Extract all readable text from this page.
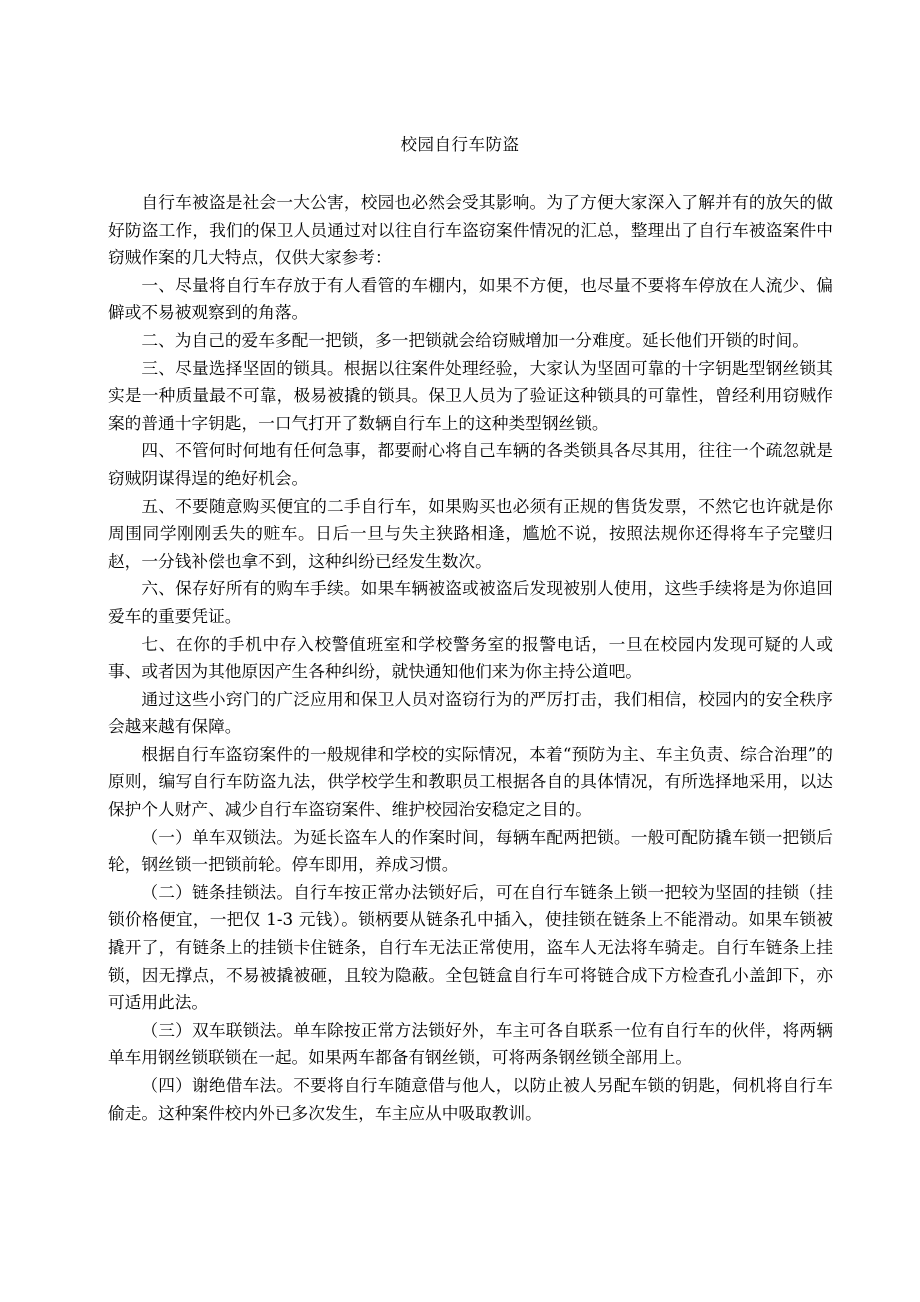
校园自行车防盗

自行车被盗是社会一大公害，校园也必然会受其影响。为了方便大家深入了解并有的放矢的做好防盗工作，我们的保卫人员通过对以往自行车盗窃案件情况的汇总，整理出了自行车被盗案件中窃贼作案的几大特点，仅供大家参考：

一、尽量将自行车存放于有人看管的车棚内，如果不方便，也尽量不要将车停放在人流少、偏僻或不易被观察到的角落。

二、为自己的爱车多配一把锁，多一把锁就会给窃贼增加一分难度。延长他们开锁的时间。

三、尽量选择坚固的锁具。根据以往案件处理经验，大家认为坚固可靠的十字钥匙型钢丝锁其实是一种质量最不可靠，极易被撬的锁具。保卫人员为了验证这种锁具的可靠性，曾经利用窃贼作案的普通十字钥匙，一口气打开了数辆自行车上的这种类型钢丝锁。

四、不管何时何地有任何急事，都要耐心将自己车辆的各类锁具各尽其用，往往一个疏忽就是窃贼阴谋得逞的绝好机会。

五、不要随意购买便宜的二手自行车，如果购买也必须有正规的售货发票，不然它也许就是你周围同学刚刚丢失的赃车。日后一旦与失主狭路相逢，尴尬不说，按照法规你还得将车子完璧归赵，一分钱补偿也拿不到，这种纠纷已经发生数次。

六、保存好所有的购车手续。如果车辆被盗或被盗后发现被别人使用，这些手续将是为你追回爱车的重要凭证。

七、在你的手机中存入校警值班室和学校警务室的报警电话，一旦在校园内发现可疑的人或事、或者因为其他原因产生各种纠纷，就快通知他们来为你主持公道吧。

通过这些小窍门的广泛应用和保卫人员对盗窃行为的严厉打击，我们相信，校园内的安全秩序会越来越有保障。

根据自行车盗窃案件的一般规律和学校的实际情况，本着“预防为主、车主负责、综合治理”的原则，编写自行车防盗九法，供学校学生和教职员工根据各自的具体情况，有所选择地采用，以达保护个人财产、减少自行车盗窃案件、维护校园治安稳定之目的。

（一）单车双锁法。为延长盗车人的作案时间，每辆车配两把锁。一般可配防撬车锁一把锁后轮，钢丝锁一把锁前轮。停车即用，养成习惯。

（二）链条挂锁法。自行车按正常办法锁好后，可在自行车链条上锁一把较为坚固的挂锁（挂锁价格便宜，一把仅 1-3 元钱）。锁柄要从链条孔中插入，使挂锁在链条上不能滑动。如果车锁被撬开了，有链条上的挂锁卡住链条，自行车无法正常使用，盗车人无法将车骑走。自行车链条上挂锁，因无撑点，不易被撬被砸，且较为隐蔽。全包链盒自行车可将链合成下方检查孔小盖卸下，亦可适用此法。

（三）双车联锁法。单车除按正常方法锁好外，车主可各自联系一位有自行车的伙伴，将两辆单车用钢丝锁联锁在一起。如果两车都备有钢丝锁，可将两条钢丝锁全部用上。

（四）谢绝借车法。不要将自行车随意借与他人，以防止被人另配车锁的钥匙，伺机将自行车偷走。这种案件校内外已多次发生，车主应从中吸取教训。
